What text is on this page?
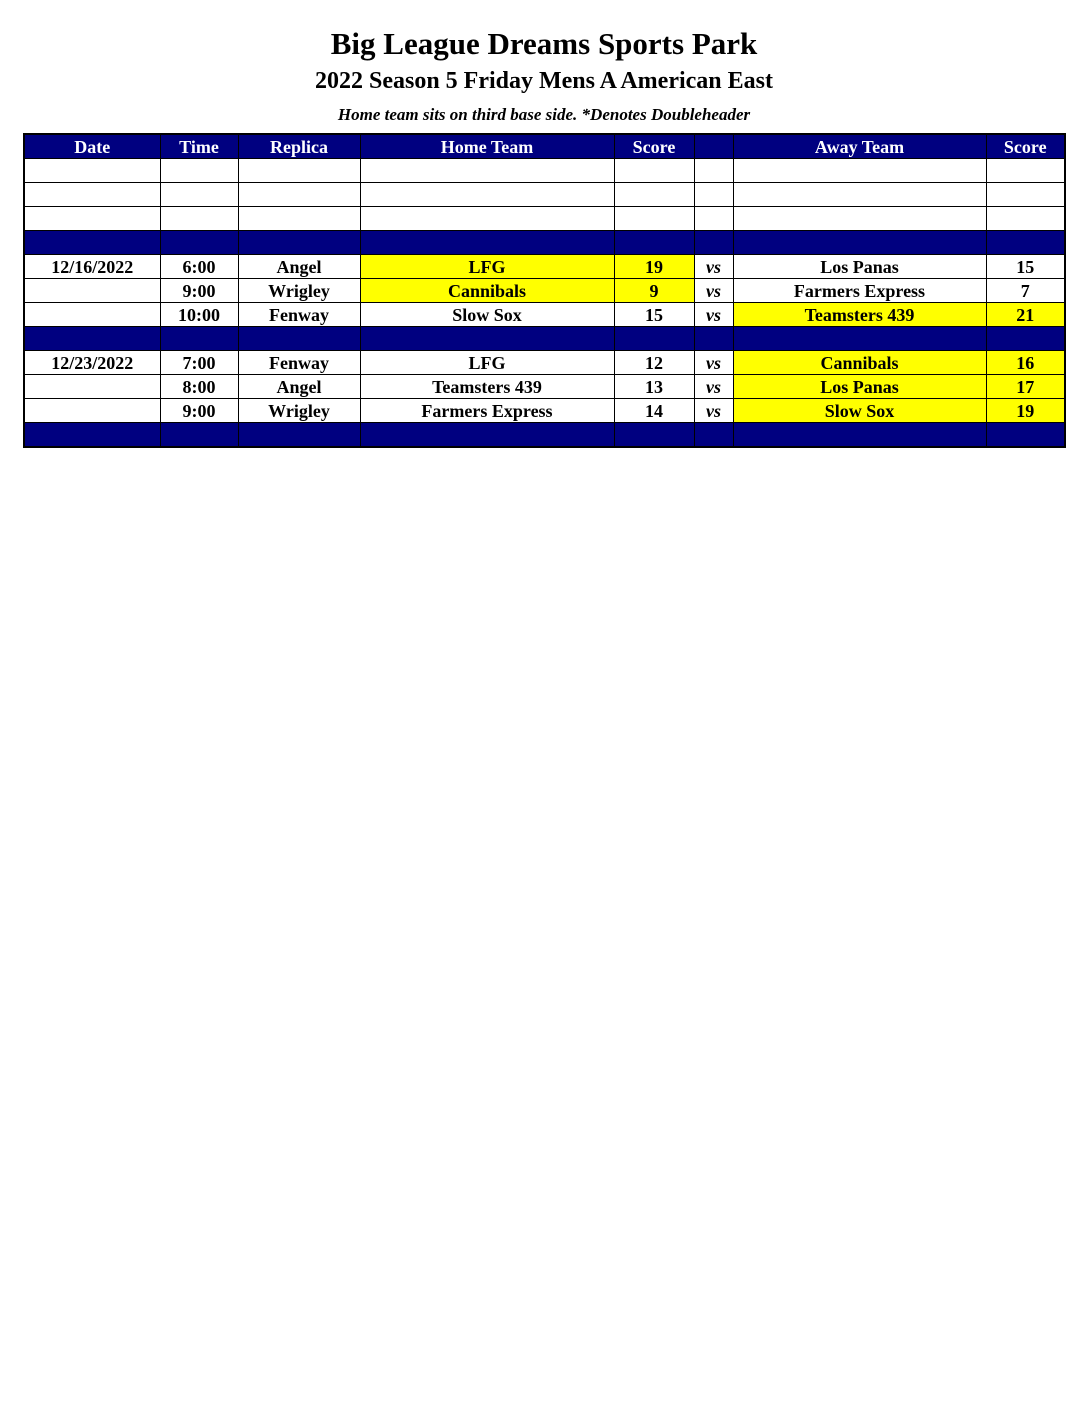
Big League Dreams Sports Park
2022 Season 5 Friday Mens A American East
Home team sits on third base side. *Denotes Doubleheader
Date	Time	Replica	Home Team	Score		Away Team	Score

12/16/2022	6:00	Angel	LFG	19	vs	Los Panas	15
	9:00	Wrigley	Cannibals	9	vs	Farmers Express	7
	10:00	Fenway	Slow Sox	15	vs	Teamsters 439	21

12/23/2022	7:00	Fenway	LFG	12	vs	Cannibals	16
	8:00	Angel	Teamsters 439	13	vs	Los Panas	17
	9:00	Wrigley	Farmers Express	14	vs	Slow Sox	19
